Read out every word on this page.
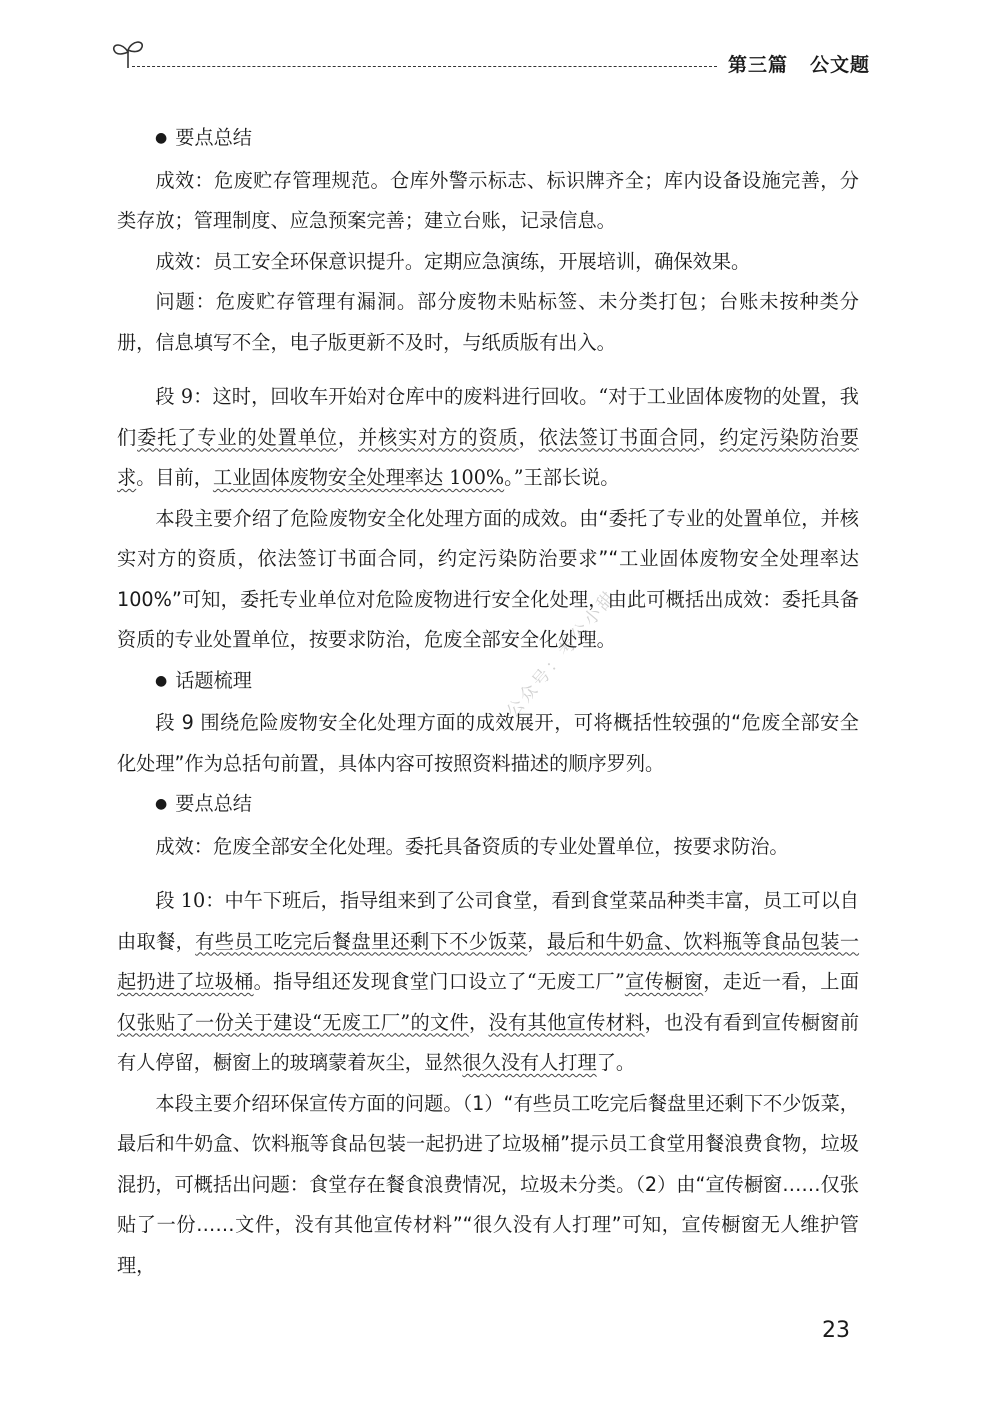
第三篇 公文题
公众号：考公小甜

● 要点总结

成效：危废贮存管理规范。仓库外警示标志、标识牌齐全；库内设备设施完善，分类存放；管理制度、应急预案完善；建立台账，记录信息。

成效：员工安全环保意识提升。定期应急演练，开展培训，确保效果。

问题：危废贮存管理有漏洞。部分废物未贴标签、未分类打包；台账未按种类分册，信息填写不全，电子版更新不及时，与纸质版有出入。

段 9：这时，回收车开始对仓库中的废料进行回收。“对于工业固体废物的处置，我们委托了专业的处置单位，并核实对方的资质，依法签订书面合同，约定污染防治要求。目前，工业固体废物安全处理率达 100%。”王部长说。

本段主要介绍了危险废物安全化处理方面的成效。由“委托了专业的处置单位，并核实对方的资质，依法签订书面合同，约定污染防治要求”“工业固体废物安全处理率达 100%”可知，委托专业单位对危险废物进行安全化处理，由此可概括出成效：委托具备资质的专业处置单位，按要求防治，危废全部安全化处理。

● 话题梳理

段 9 围绕危险废物安全化处理方面的成效展开，可将概括性较强的“危废全部安全化处理”作为总括句前置，具体内容可按照资料描述的顺序罗列。

● 要点总结

成效：危废全部安全化处理。委托具备资质的专业处置单位，按要求防治。

段 10：中午下班后，指导组来到了公司食堂，看到食堂菜品种类丰富，员工可以自由取餐，有些员工吃完后餐盘里还剩下不少饭菜，最后和牛奶盒、饮料瓶等食品包装一起扔进了垃圾桶。指导组还发现食堂门口设立了“无废工厂”宣传橱窗，走近一看，上面仅张贴了一份关于建设“无废工厂”的文件，没有其他宣传材料，也没有看到宣传橱窗前有人停留，橱窗上的玻璃蒙着灰尘，显然很久没有人打理了。

本段主要介绍环保宣传方面的问题。（1）“有些员工吃完后餐盘里还剩下不少饭菜，最后和牛奶盒、饮料瓶等食品包装一起扔进了垃圾桶”提示员工食堂用餐浪费食物，垃圾混扔，可概括出问题：食堂存在餐食浪费情况，垃圾未分类。（2）由“宣传橱窗……仅张贴了一份……文件，没有其他宣传材料”“很久没有人打理”可知，宣传橱窗无人维护管理，

23
